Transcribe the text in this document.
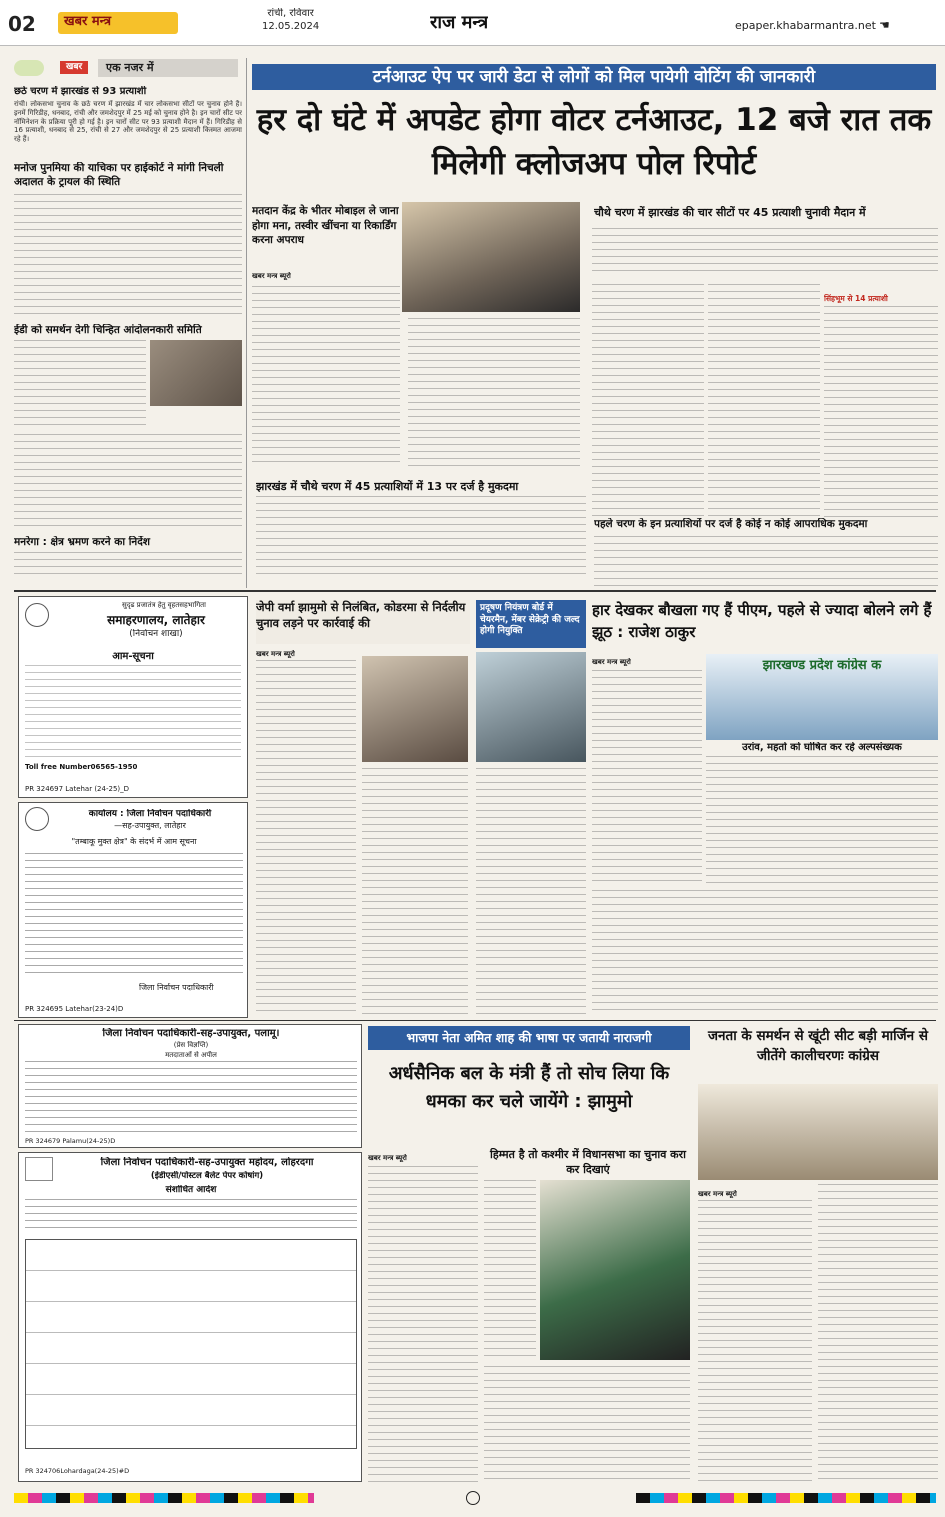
02	खबर मन्त्र
रांची, रविवार
12.05.2024	राज मन्त्र	epaper.khabarmantra.net ☚
खबर	एक नजर में
छठे चरण में झारखंड से 93 प्रत्याशी
रांची। लोकसभा चुनाव के छठे चरण में झारखंड में चार लोकसभा सीटों पर चुनाव होने है। इनमें गिरिडीह, धनबाद, रांची और जमशेदपुर में 25 मई को चुनाव होने है। इन चारों सीट पर नॉमिनेशन के प्रक्रिया पूरी हो गई है। इन चारों सीट पर 93 प्रत्याशी मैदान में हैं। गिरिडीह से 16 प्रत्याशी, धनबाद से 25, रांची से 27 और जमशेदपुर से 25 प्रत्याशी किस्मत आजमा रहे हैं।
मनोज पुनमिया की याचिका पर हाईकोर्ट ने मांगी निचली अदालत के ट्रायल की स्थिति
ईडी को समर्थन देगी चिन्हित आंदोलनकारी समिति
मनरेगा : क्षेत्र भ्रमण करने का निर्देश
टर्नआउट ऐप पर जारी डेटा से लोगों को मिल पायेगी वोटिंग की जानकारी
हर दो घंटे में अपडेट होगा वोटर टर्नआउट, 12 बजे रात तक मिलेगी क्लोजअप पोल रिपोर्ट
मतदान केंद्र के भीतर मोबाइल ले जाना होगा मना, तस्वीर खींचना या रिकार्डिंग करना अपराध
खबर मन्त्र ब्यूरो
चौथे चरण में झारखंड की चार सीटों पर 45 प्रत्याशी चुनावी मैदान में
सिंहभूम से 14 प्रत्याशी
झारखंड में चौथे चरण में 45 प्रत्याशियों में 13 पर दर्ज है मुकदमा
पहले चरण के इन प्रत्याशियों पर दर्ज है कोई न कोई आपराधिक मुकदमा
सुदृढ प्रजातंत्र हेतु वृहतसहभागिता
समाहरणालय, लातेहार
(निर्वाचन शाखा)
आम-सूचना
Toll free Number06565-1950
PR 324697 Latehar (24-25)_D
कार्यालय : जिला निर्वाचन पदाधिकारी
—सह-उपायुक्त, लातेहार
"तम्बाकू मुक्त क्षेत्र" के संदर्भ में आम सूचना
जिला निर्वाचन पदाधिकारी
PR 324695 Latehar(23-24)D
जेपी वर्मा झामुमो से निलंबित, कोडरमा से निर्दलीय चुनाव लड़ने पर कार्रवाई की
खबर मन्त्र ब्यूरो
प्रदूषण नियंत्रण बोर्ड में चेयरमैन, मेंबर सेक्रेट्री की जल्द होगी नियुक्ति
हार देखकर बौखला गए हैं पीएम, पहले से ज्यादा बोलने लगे हैं झूठ : राजेश ठाकुर
खबर मन्त्र ब्यूरो	झारखण्ड प्रदेश कांग्रेस क
उरांव, महतो को घोषित कर रहे अल्पसंख्यक
जिला निर्वाचन पदाधिकारी-सह-उपायुक्त, पलामू।
(प्रेस विज्ञप्ति)
मतदाताओं से अपील
PR 324679 Palamu(24-25)D
जिला निर्वाचन पदाधिकारी-सह-उपायुक्त महोदय, लोहरदगा
(ईडीएसी/पोस्टल बैलेट पेपर कोषांग)
संशोधित आदेश
PR 324706Lohardaga(24-25)#D
भाजपा नेता अमित शाह की भाषा पर जतायी नाराजगी
अर्धसैनिक बल के मंत्री हैं तो सोच लिया कि धमका कर चले जायेंगे : झामुमो
खबर मन्त्र ब्यूरो	हिम्मत है तो कश्मीर में विधानसभा का चुनाव करा कर दिखाएं
जनता के समर्थन से खूंटी सीट बड़ी मार्जिन से जीतेंगे कालीचरणः कांग्रेस
खबर मन्त्र ब्यूरो
